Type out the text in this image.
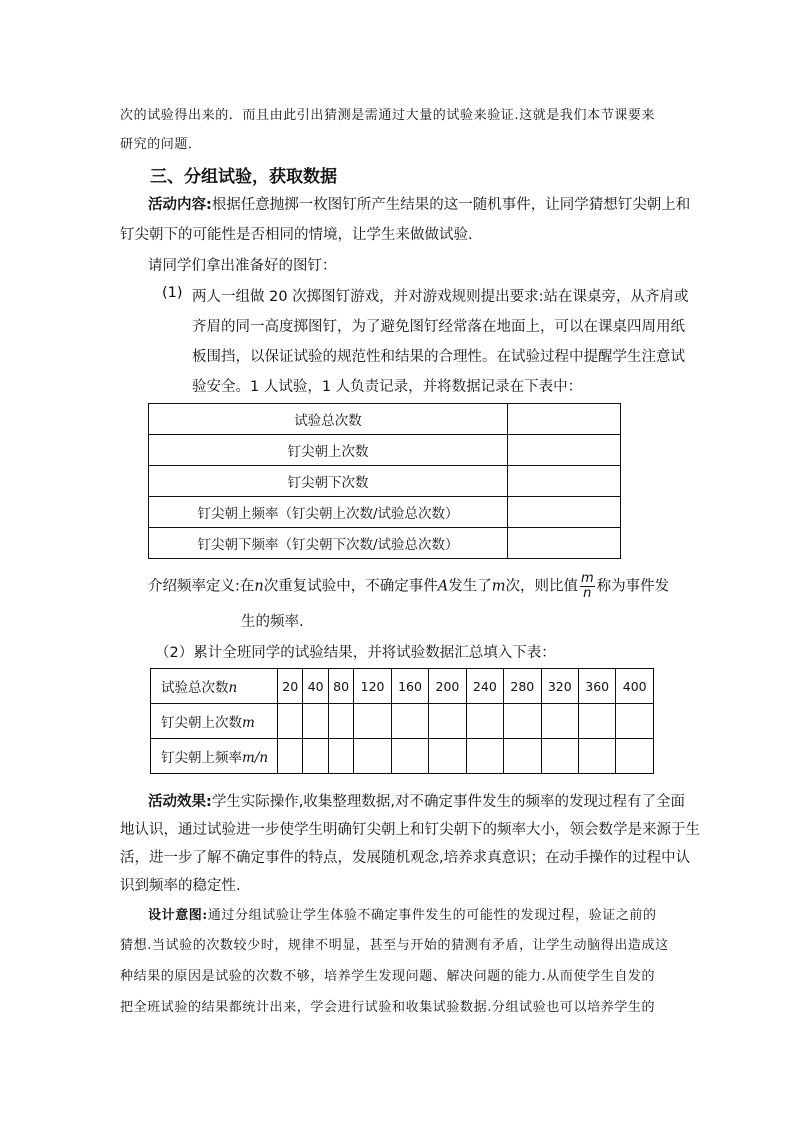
次的试验得出来的．而且由此引出猜测是需通过大量的试验来验证.这就是我们本节课要来
研究的问题．
三、分组试验，获取数据
活动内容:根据任意抛掷一枚图钉所产生结果的这一随机事件，让同学猜想钉尖朝上和
钉尖朝下的可能性是否相同的情境，让学生来做做试验.
请同学们拿出准备好的图钉：
(1) 两人一组做 20 次掷图钉游戏，并对游戏规则提出要求:站在课桌旁，从齐肩或
齐眉的同一高度掷图钉，为了避免图钉经常落在地面上，可以在课桌四周用纸
板围挡，以保证试验的规范性和结果的合理性。在试验过程中提醒学生注意试
验安全。1 人试验，1 人负责记录，并将数据记录在下表中：
试验总次数	
钉尖朝上次数	
钉尖朝下次数	
钉尖朝上频率（钉尖朝上次数/试验总次数）	
钉尖朝下频率（钉尖朝下次数/试验总次数）	
介绍频率定义:在n次重复试验中，不确定事件A发生了m次，则比值 $\frac{m}{n}$ 称为事件发
生的频率.
（2）累计全班同学的试验结果，并将试验数据汇总填入下表：
试验总次数n	20	40	80	120	160	200	240	280	320	360	400
钉尖朝上次数m											
钉尖朝上频率m/n											
活动效果:学生实际操作,收集整理数据,对不确定事件发生的频率的发现过程有了全面
地认识，通过试验进一步使学生明确钉尖朝上和钉尖朝下的频率大小，领会数学是来源于生
活，进一步了解不确定事件的特点，发展随机观念,培养求真意识；在动手操作的过程中认
识到频率的稳定性.
设计意图:通过分组试验让学生体验不确定事件发生的可能性的发现过程，验证之前的
猜想.当试验的次数较少时，规律不明显，甚至与开始的猜测有矛盾，让学生动脑得出造成这
种结果的原因是试验的次数不够，培养学生发现问题、解决问题的能力.从而使学生自发的
把全班试验的结果都统计出来，学会进行试验和收集试验数据.分组试验也可以培养学生的
